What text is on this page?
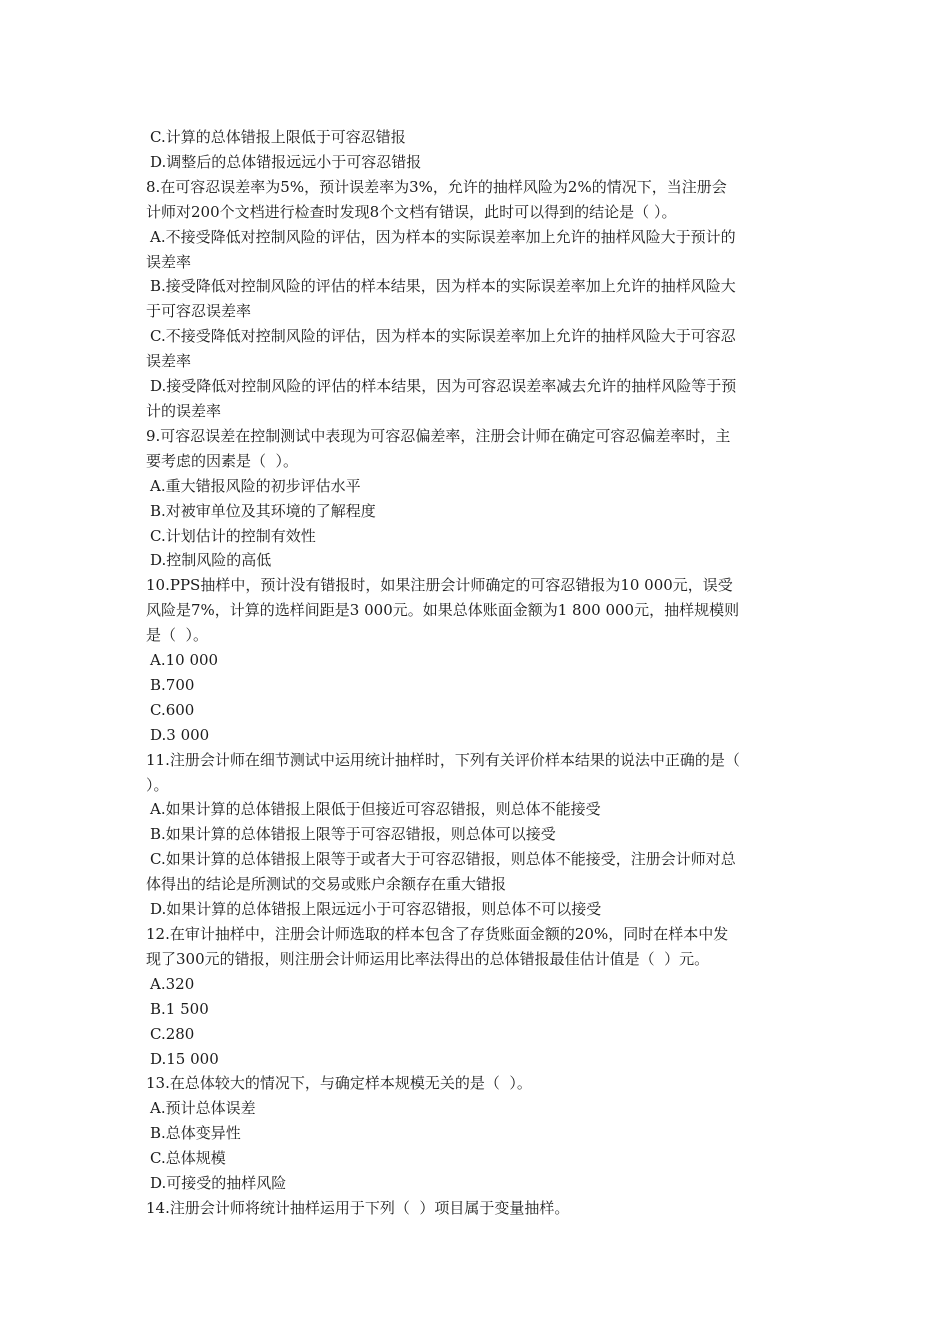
C.计算的总体错报上限低于可容忍错报
D.调整后的总体错报远远小于可容忍错报
8.在可容忍误差率为5%，预计误差率为3%，允许的抽样风险为2%的情况下，当注册会
计师对200个文档进行检查时发现8个文档有错误，此时可以得到的结论是（ ）。
A.不接受降低对控制风险的评估，因为样本的实际误差率加上允许的抽样风险大于预计的
误差率
B.接受降低对控制风险的评估的样本结果，因为样本的实际误差率加上允许的抽样风险大
于可容忍误差率
C.不接受降低对控制风险的评估，因为样本的实际误差率加上允许的抽样风险大于可容忍
误差率
D.接受降低对控制风险的评估的样本结果，因为可容忍误差率减去允许的抽样风险等于预
计的误差率
9.可容忍误差在控制测试中表现为可容忍偏差率，注册会计师在确定可容忍偏差率时，主
要考虑的因素是（  ）。
A.重大错报风险的初步评估水平
B.对被审单位及其环境的了解程度
C.计划估计的控制有效性
D.控制风险的高低
10.PPS抽样中，预计没有错报时，如果注册会计师确定的可容忍错报为10 000元，误受
风险是7%，计算的选样间距是3 000元。如果总体账面金额为1 800 000元，抽样规模则
是（  ）。
A.10 000
B.700
C.600
D.3 000
11.注册会计师在细节测试中运用统计抽样时，下列有关评价样本结果的说法中正确的是（
）。
A.如果计算的总体错报上限低于但接近可容忍错报，则总体不能接受
B.如果计算的总体错报上限等于可容忍错报，则总体可以接受
C.如果计算的总体错报上限等于或者大于可容忍错报，则总体不能接受，注册会计师对总
体得出的结论是所测试的交易或账户余额存在重大错报
D.如果计算的总体错报上限远远小于可容忍错报，则总体不可以接受
12.在审计抽样中，注册会计师选取的样本包含了存货账面金额的20%，同时在样本中发
现了300元的错报，则注册会计师运用比率法得出的总体错报最佳估计值是（  ）元。
A.320
B.1 500
C.280
D.15 000
13.在总体较大的情况下，与确定样本规模无关的是（  ）。
A.预计总体误差
B.总体变异性
C.总体规模
D.可接受的抽样风险
14.注册会计师将统计抽样运用于下列（  ）项目属于变量抽样。
